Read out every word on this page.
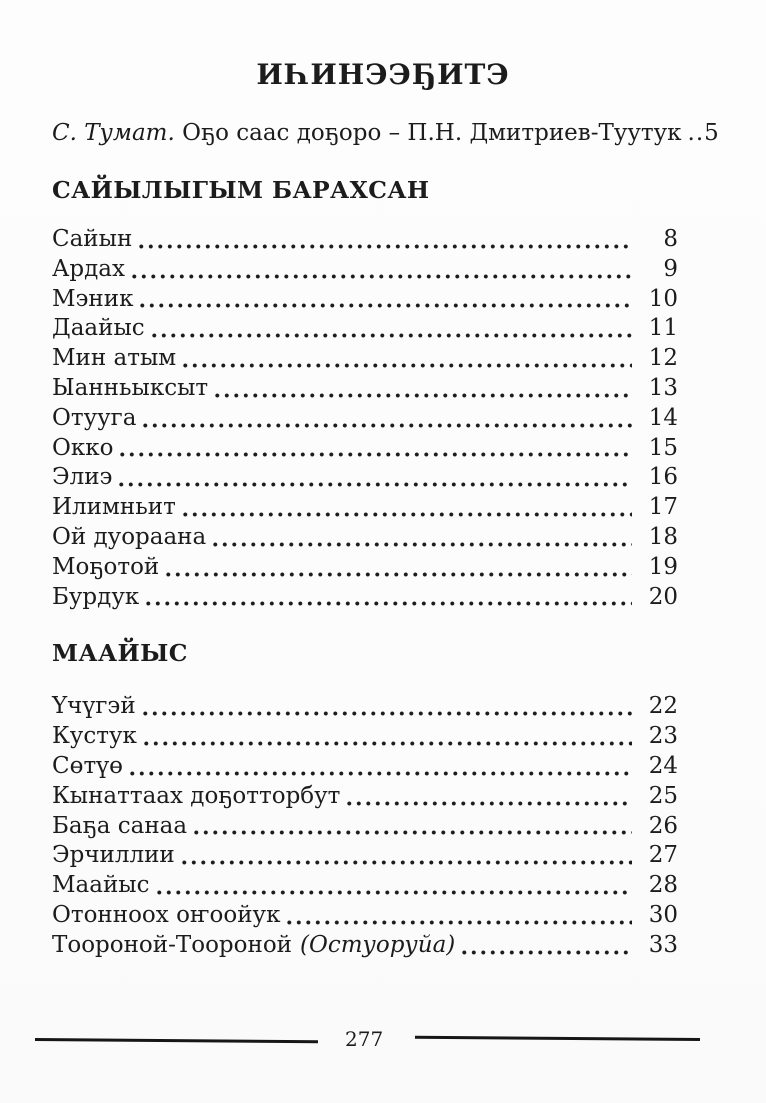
ИҺИНЭЭҔИТЭ

С. Тумат. Оҕо саас доҕоро – П.Н. Дмитриев-Туутук ..5

САЙЫЛЫГЫМ БАРАХСАН
Сайын	8
Ардах	9
Мэник	10
Даайыс	11
Мин атым	12
Ыанньыксыт	13
Отууга	14
Окко	15
Элиэ	16
Илимньит	17
Ой дуораана	18
Моҕотой	19
Бурдук	20
МААЙЫС
Үчүгэй	22
Кустук	23
Сөтүө	24
Кынаттаах доҕотторбут	25
Баҕа санаа	26
Эрчиллии	27
Маайыс	28
Отонноох оҥоойук	30
Тоороной-Тоороной (Остуоруйа)	33
277
